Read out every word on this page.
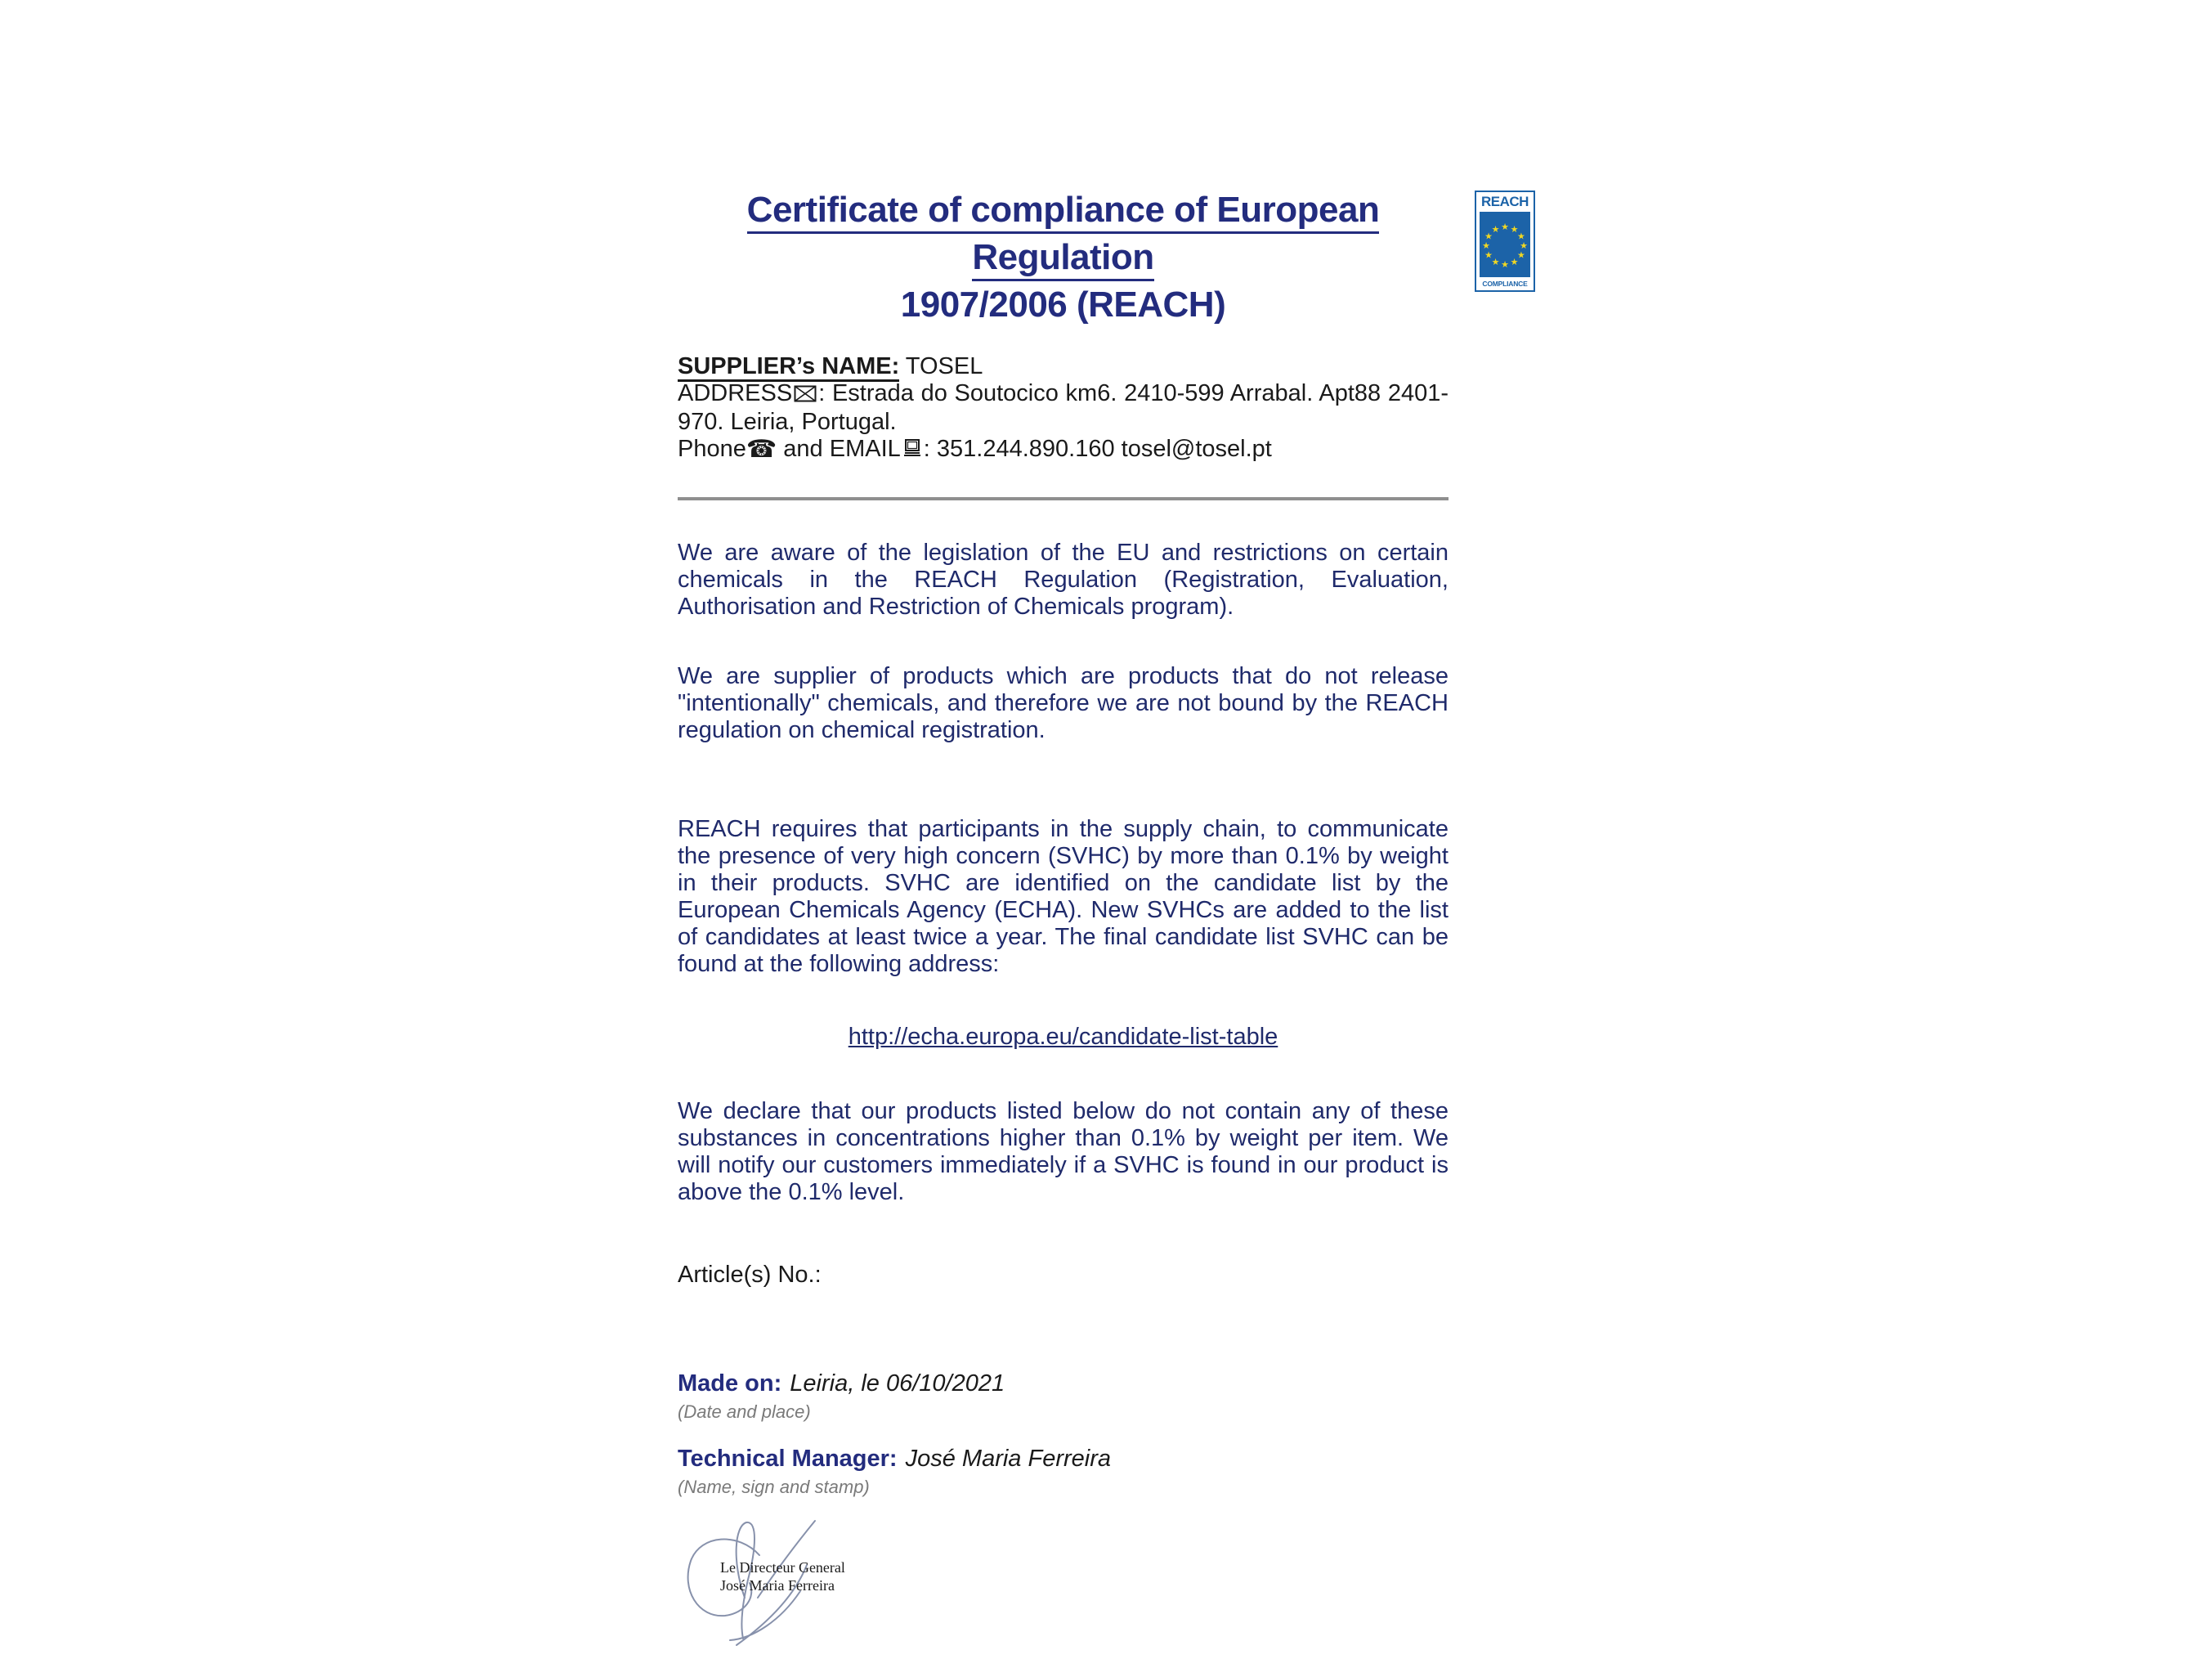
Certificate of compliance of European Regulation
1907/2006 (REACH)
REACH
★ ★
★
★
★
★
★
★
★
★
★
★
COMPLIANCE

SUPPLIER’s NAME: TOSEL

ADDRESS : Estrada do Soutocico km6. 2410-599 Arrabal. Apt88 2401-970. Leiria, Portugal.

Phone☎ and EMAIL : 351.244.890.160 tosel@tosel.pt

We are aware of the legislation of the EU and restrictions on certain chemicals in the REACH Regulation (Registration, Evaluation, Authorisation and Restriction of Chemicals program).

We are supplier of products which are products that do not release "intentionally" chemicals, and therefore we are not bound by the REACH regulation on chemical registration.

REACH requires that participants in the supply chain, to communicate the presence of very high concern (SVHC) by more than 0.1% by weight in their products. SVHC are identified on the candidate list by the European Chemicals Agency (ECHA). New SVHCs are added to the list of candidates at least twice a year. The final candidate list SVHC can be found at the following address:

http://echa.europa.eu/candidate-list-table

We declare that our products listed below do not contain any of these substances in concentrations higher than 0.1% by weight per item. We will notify our customers immediately if a SVHC is found in our product is above the 0.1% level.

Article(s) No.:

Made on: Leiria, le 06/10/2021

(Date and place)

Technical Manager: José Maria Ferreira

(Name, sign and stamp)

Le Directeur General
José Maria Ferreira
